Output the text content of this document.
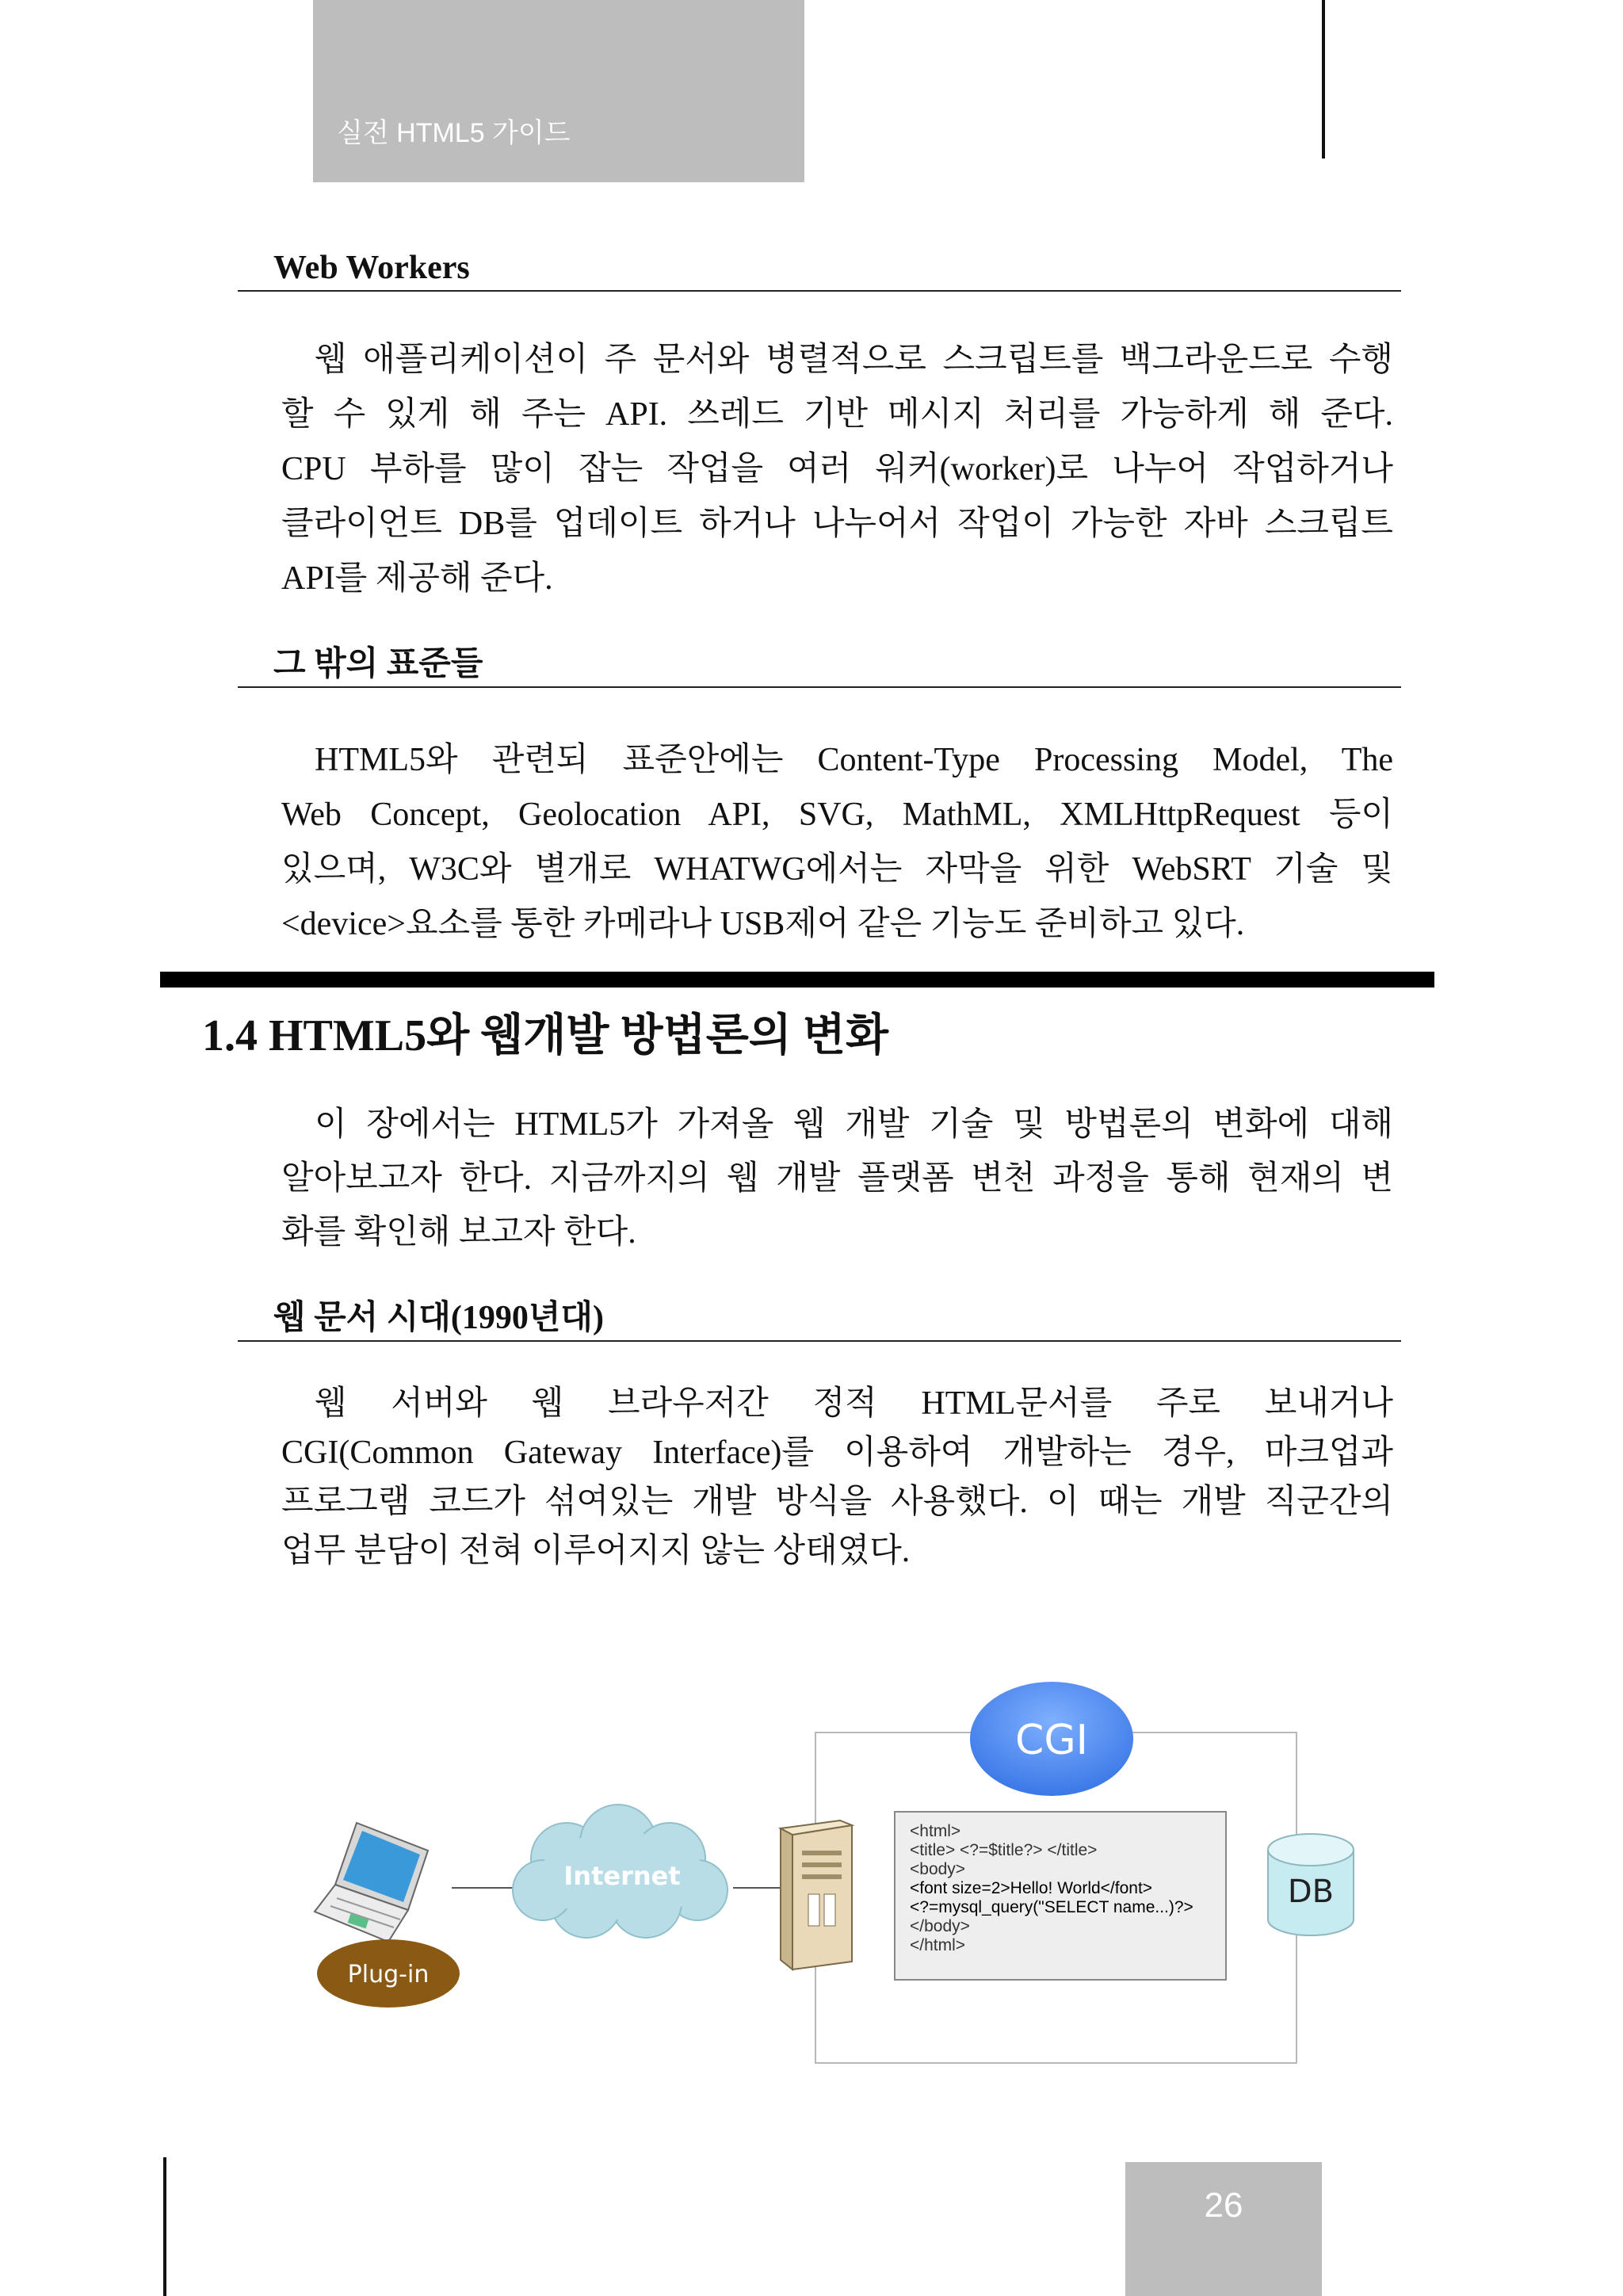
실전 HTML5 가이드
Web Workers
웹 애플리케이션이 주 문서와 병렬적으로 스크립트를 백그라운드로 수행
할 수 있게 해 주는 API. 쓰레드 기반 메시지 처리를 가능하게 해 준다.
CPU 부하를 많이 잡는 작업을 여러 워커(worker)로 나누어 작업하거나
클라이언트 DB를 업데이트 하거나 나누어서 작업이 가능한 자바 스크립트
API를 제공해 준다.
그 밖의 표준들
HTML5와 관련되 표준안에는 Content-Type Processing Model, The
Web Concept, Geolocation API, SVG, MathML, XMLHttpRequest 등이
있으며, W3C와 별개로 WHATWG에서는 자막을 위한 WebSRT 기술 및
<device>요소를 통한 카메라나 USB제어 같은 기능도 준비하고 있다.
1.4 HTML5와 웹개발 방법론의 변화
이 장에서는 HTML5가 가져올 웹 개발 기술 및 방법론의 변화에 대해
알아보고자 한다. 지금까지의 웹 개발 플랫폼 변천 과정을 통해 현재의 변
화를 확인해 보고자 한다.
웹 문서 시대(1990년대)
웹 서버와 웹 브라우저간 정적 HTML문서를 주로 보내거나
CGI(Common Gateway Interface)를 이용하여 개발하는 경우, 마크업과
프로그램 코드가 섞여있는 개발 방식을 사용했다. 이 때는 개발 직군간의
업무 분담이 전혀 이루어지지 않는 상태였다.
CGI
<html>
<title> <?=$title?> </title>
<body>
<font size=2>Hello! World</font>
<?=mysql_query("SELECT name...)?>
</body>
</html>
DB
Internet
Plug-in
26
